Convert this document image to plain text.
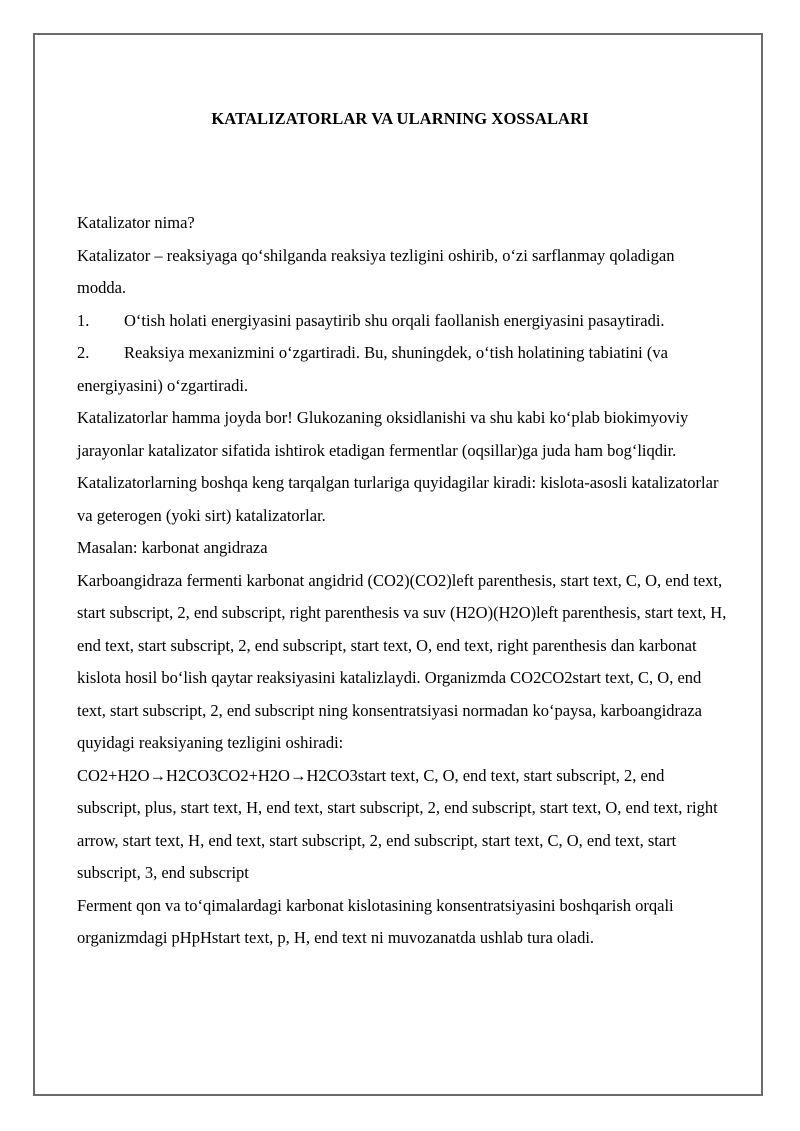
KATALIZATORLAR VA ULARNING XOSSALARI

Katalizator nima?

Katalizator – reaksiyaga qoʻshilganda reaksiya tezligini oshirib, oʻzi sarflanmay qoladigan modda.

1. Oʻtish holati energiyasini pasaytirib shu orqali faollanish energiyasini pasaytiradi.

2. Reaksiya mexanizmini oʻzgartiradi. Bu, shuningdek, oʻtish holatining tabiatini (va energiyasini) oʻzgartiradi.

Katalizatorlar hamma joyda bor! Glukozaning oksidlanishi va shu kabi koʻplab biokimyoviy jarayonlar katalizator sifatida ishtirok etadigan fermentlar (oqsillar)ga juda ham bogʻliqdir.

Katalizatorlarning boshqa keng tarqalgan turlariga quyidagilar kiradi: kislota-asosli katalizatorlar va geterogen (yoki sirt) katalizatorlar.

Masalan: karbonat angidraza

Karboangidraza fermenti karbonat angidrid (CO2)(CO2)left parenthesis, start text, C, O, end text, start subscript, 2, end subscript, right parenthesis va suv (H2O)(H2O)left parenthesis, start text, H, end text, start subscript, 2, end subscript, start text, O, end text, right parenthesis dan karbonat kislota hosil boʻlish qaytar reaksiyasini katalizlaydi. Organizmda CO2CO2start text, C, O, end text, start subscript, 2, end subscript ning konsentratsiyasi normadan koʻpaysa, karboangidraza quyidagi reaksiyaning tezligini oshiradi:

CO2+H2O→H2CO3CO2+H2O→H2CO3start text, C, O, end text, start subscript, 2, end subscript, plus, start text, H, end text, start subscript, 2, end subscript, start text, O, end text, right arrow, start text, H, end text, start subscript, 2, end subscript, start text, C, O, end text, start subscript, 3, end subscript

Ferment qon va toʻqimalardagi karbonat kislotasining konsentratsiyasini boshqarish orqali organizmdagi pHpHstart text, p, H, end text ni muvozanatda ushlab tura oladi.
